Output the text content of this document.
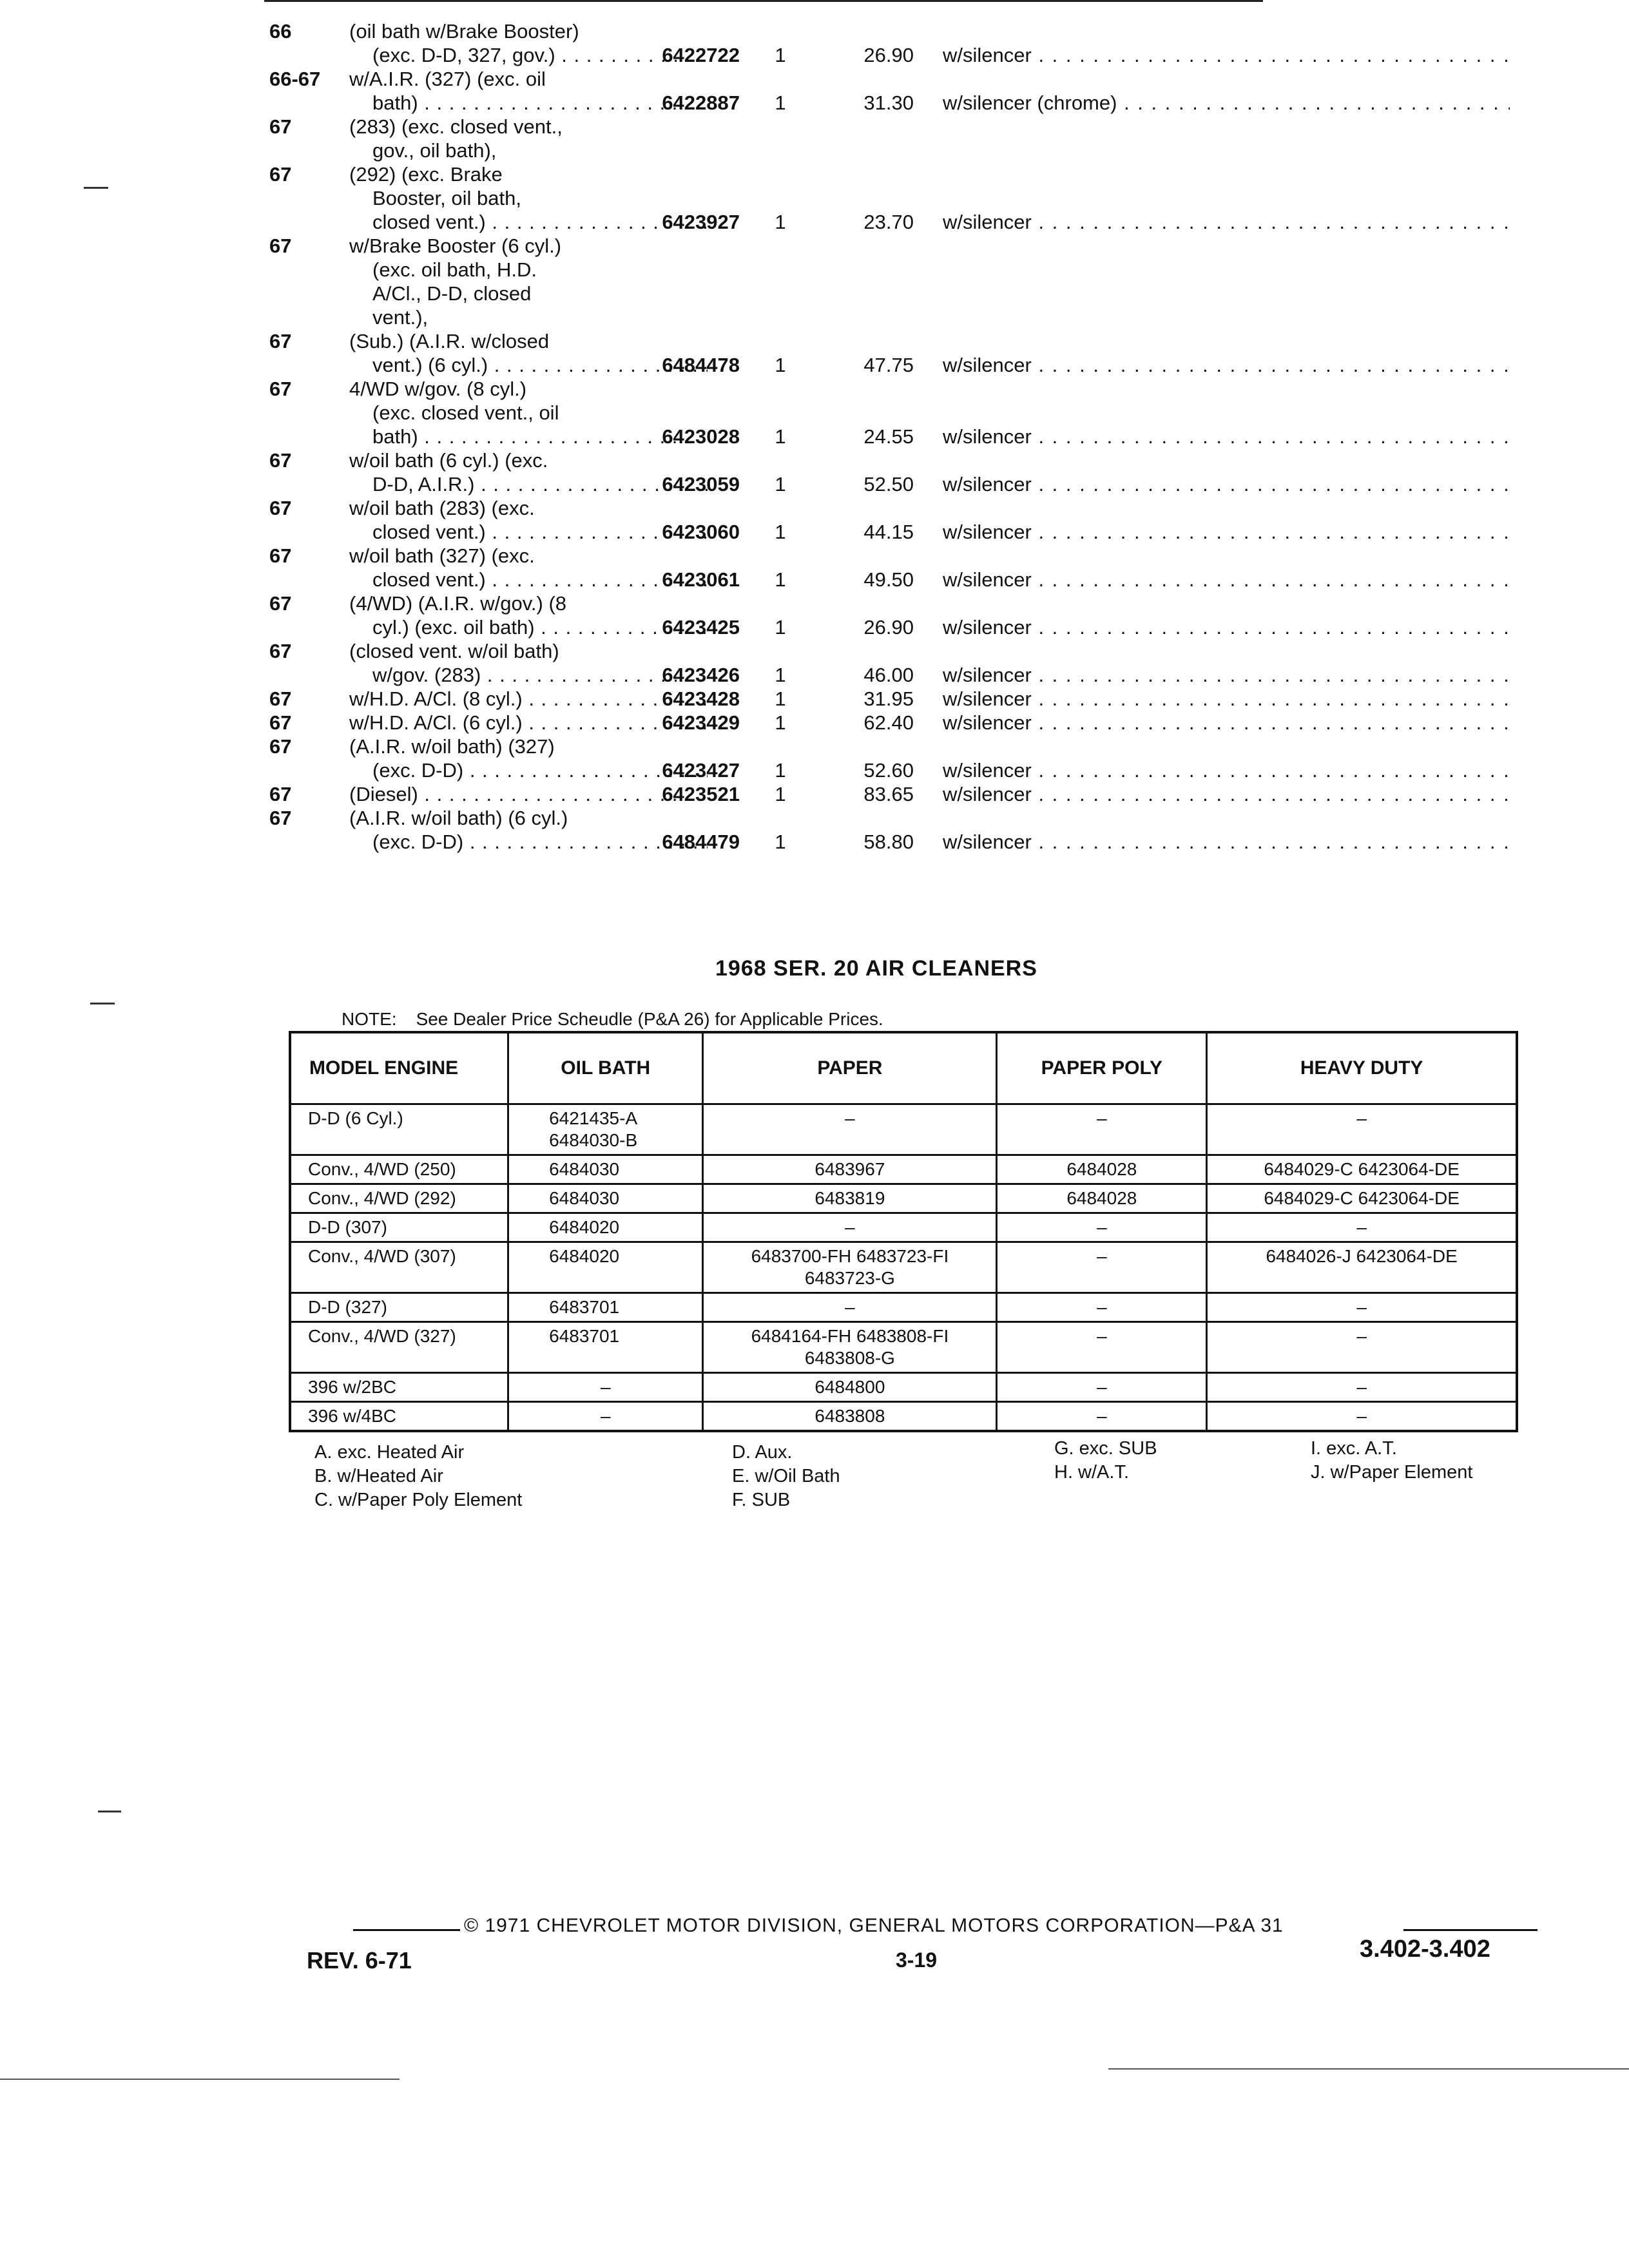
66	(oil bath w/Brake Booster)
(exc. D-D, 327, gov.) . . .	6422722 1	26.90 w/silencer . . .
66-67 w/A.I.R. (327) (exc. oil
bath) . . .	6422887 1	31.30 w/silencer (chrome) . . .
67	(283) (exc. closed vent.,
gov., oil bath),
67	(292) (exc. Brake
Booster, oil bath,
closed vent.) . . .	6423927 1	23.70 w/silencer . . .
67	w/Brake Booster (6 cyl.)
(exc. oil bath, H.D.
A/Cl., D-D, closed
vent.),
67	(Sub.) (A.I.R. w/closed
vent.) (6 cyl.) . . .	6484478 1	47.75 w/silencer . . .
67	4/WD w/gov. (8 cyl.)
(exc. closed vent., oil
bath) . . .	6423028 1	24.55 w/silencer . . .
67	w/oil bath (6 cyl.) (exc.
D-D, A.I.R.) . . .	6423059 1	52.50 w/silencer . . .
67	w/oil bath (283) (exc.
closed vent.) . . .	6423060 1	44.15 w/silencer . . .
67	w/oil bath (327) (exc.
closed vent.) . . .	6423061 1	49.50 w/silencer . . .
67	(4/WD) (A.I.R. w/gov.) (8
cyl.) (exc. oil bath) . . .	6423425 1	26.90 w/silencer . . .
67	(closed vent. w/oil bath)
w/gov. (283) . . .	6423426 1	46.00 w/silencer . . .
67	w/H.D. A/Cl. (8 cyl.) . . .	6423428 1	31.95 w/silencer . . .
67	w/H.D. A/Cl. (6 cyl.) . . .	6423429 1	62.40 w/silencer . . .
67	(A.I.R. w/oil bath) (327)
(exc. D-D) . . .	6423427 1	52.60 w/silencer . . .
67	(Diesel) . . .	6423521 1	83.65 w/silencer . . .
67	(A.I.R. w/oil bath) (6 cyl.)
(exc. D-D) . . .	6484479 1	58.80 w/silencer . . .
1968 SER. 20 AIR CLEANERS
NOTE: See Dealer Price Scheudle (P&A 26) for Applicable Prices.
MODEL ENGINE	OIL BATH	PAPER	PAPER POLY	HEAVY DUTY
D-D (6 Cyl.)	6421435-A
6484030-B	–	–	–
Conv., 4/WD (250)	6484030	6483967	6484028	6484029-C 6423064-DE
Conv., 4/WD (292)	6484030	6483819	6484028	6484029-C 6423064-DE
D-D (307)	6484020	–	–	–
Conv., 4/WD (307)	6484020	6483700-FH 6483723-FI
6483723-G	–	6484026-J 6423064-DE
D-D (327)	6483701	–	–	–
Conv., 4/WD (327)	6483701	6484164-FH 6483808-FI
6483808-G	–	–
396 w/2BC	–	6484800	–	–
396 w/4BC	–	6483808	–	–
A. exc. Heated Air
B. w/Heated Air
C. w/Paper Poly Element
D. Aux.
E. w/Oil Bath
F. SUB
G. exc. SUB
H. w/A.T.
I. exc. A.T.
J. w/Paper Element
© 1971 CHEVROLET MOTOR DIVISION, GENERAL MOTORS CORPORATION—P&A 31
REV. 6-71	3-19	3.402-3.402
